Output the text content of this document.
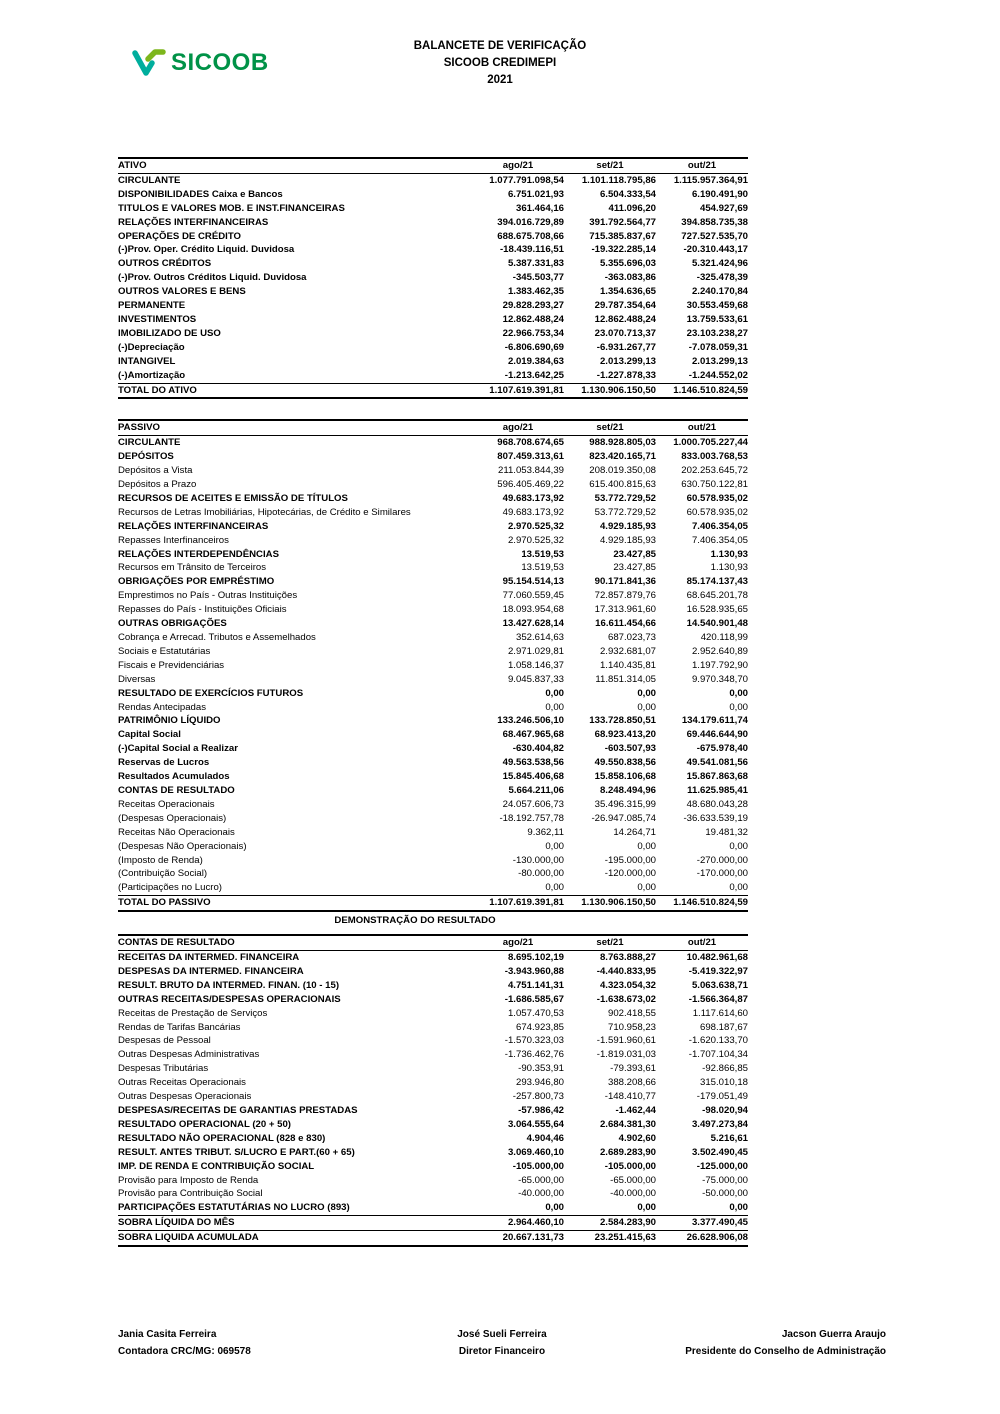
SICOOB
BALANCETE DE VERIFICAÇÃO
SICOOB CREDIMEPI
2021
ATIVO	ago/21	set/21	out/21
CIRCULANTE	1.077.791.098,54	1.101.118.795,86	1.115.957.364,91
DISPONIBILIDADES Caixa e Bancos	6.751.021,93	6.504.333,54	6.190.491,90
TITULOS E VALORES MOB. E INST.FINANCEIRAS	361.464,16	411.096,20	454.927,69
RELAÇÕES INTERFINANCEIRAS	394.016.729,89	391.792.564,77	394.858.735,38
OPERAÇÕES DE CRÉDITO	688.675.708,66	715.385.837,67	727.527.535,70
(-)Prov. Oper. Crédito Liquid. Duvidosa	-18.439.116,51	-19.322.285,14	-20.310.443,17
OUTROS CRÉDITOS	5.387.331,83	5.355.696,03	5.321.424,96
(-)Prov. Outros Créditos Liquid. Duvidosa	-345.503,77	-363.083,86	-325.478,39
OUTROS VALORES E BENS	1.383.462,35	1.354.636,65	2.240.170,84
PERMANENTE	29.828.293,27	29.787.354,64	30.553.459,68
INVESTIMENTOS	12.862.488,24	12.862.488,24	13.759.533,61
IMOBILIZADO DE USO	22.966.753,34	23.070.713,37	23.103.238,27
(-)Depreciação	-6.806.690,69	-6.931.267,77	-7.078.059,31
INTANGIVEL	2.019.384,63	2.013.299,13	2.013.299,13
(-)Amortização	-1.213.642,25	-1.227.878,33	-1.244.552,02
TOTAL DO ATIVO	1.107.619.391,81	1.130.906.150,50	1.146.510.824,59
PASSIVO	ago/21	set/21	out/21
CIRCULANTE	968.708.674,65	988.928.805,03	1.000.705.227,44
DEPÓSITOS	807.459.313,61	823.420.165,71	833.003.768,53
Depósitos a Vista	211.053.844,39	208.019.350,08	202.253.645,72
Depósitos a Prazo	596.405.469,22	615.400.815,63	630.750.122,81
RECURSOS DE ACEITES E EMISSÃO DE TÍTULOS	49.683.173,92	53.772.729,52	60.578.935,02
Recursos de Letras Imobiliárias, Hipotecárias, de Crédito e Similares	49.683.173,92	53.772.729,52	60.578.935,02
RELAÇÕES INTERFINANCEIRAS	2.970.525,32	4.929.185,93	7.406.354,05
Repasses Interfinanceiros	2.970.525,32	4.929.185,93	7.406.354,05
RELAÇÕES INTERDEPENDÊNCIAS	13.519,53	23.427,85	1.130,93
Recursos em Trânsito de Terceiros	13.519,53	23.427,85	1.130,93
OBRIGAÇÕES POR EMPRÉSTIMO	95.154.514,13	90.171.841,36	85.174.137,43
Emprestimos no País - Outras Instituições	77.060.559,45	72.857.879,76	68.645.201,78
Repasses do País - Instituições Oficiais	18.093.954,68	17.313.961,60	16.528.935,65
OUTRAS OBRIGAÇÕES	13.427.628,14	16.611.454,66	14.540.901,48
Cobrança e Arrecad. Tributos e Assemelhados	352.614,63	687.023,73	420.118,99
Sociais e Estatutárias	2.971.029,81	2.932.681,07	2.952.640,89
Fiscais e Previdenciárias	1.058.146,37	1.140.435,81	1.197.792,90
Diversas	9.045.837,33	11.851.314,05	9.970.348,70
RESULTADO DE EXERCÍCIOS FUTUROS	0,00	0,00	0,00
Rendas Antecipadas	0,00	0,00	0,00
PATRIMÔNIO LÍQUIDO	133.246.506,10	133.728.850,51	134.179.611,74
Capital Social	68.467.965,68	68.923.413,20	69.446.644,90
(-)Capital Social a Realizar	-630.404,82	-603.507,93	-675.978,40
Reservas de Lucros	49.563.538,56	49.550.838,56	49.541.081,56
Resultados Acumulados	15.845.406,68	15.858.106,68	15.867.863,68
CONTAS DE RESULTADO	5.664.211,06	8.248.494,96	11.625.985,41
Receitas Operacionais	24.057.606,73	35.496.315,99	48.680.043,28
(Despesas Operacionais)	-18.192.757,78	-26.947.085,74	-36.633.539,19
Receitas Não Operacionais	9.362,11	14.264,71	19.481,32
(Despesas Não Operacionais)	0,00	0,00	0,00
(Imposto de Renda)	-130.000,00	-195.000,00	-270.000,00
(Contribuição Social)	-80.000,00	-120.000,00	-170.000,00
(Participações no Lucro)	0,00	0,00	0,00
TOTAL DO PASSIVO	1.107.619.391,81	1.130.906.150,50	1.146.510.824,59
DEMONSTRAÇÃO DO RESULTADO
CONTAS DE RESULTADO	ago/21	set/21	out/21
RECEITAS DA INTERMED. FINANCEIRA	8.695.102,19	8.763.888,27	10.482.961,68
DESPESAS DA INTERMED. FINANCEIRA	-3.943.960,88	-4.440.833,95	-5.419.322,97
RESULT. BRUTO DA INTERMED. FINAN. (10 - 15)	4.751.141,31	4.323.054,32	5.063.638,71
OUTRAS RECEITAS/DESPESAS OPERACIONAIS	-1.686.585,67	-1.638.673,02	-1.566.364,87
Receitas de Prestação de Serviços	1.057.470,53	902.418,55	1.117.614,60
Rendas de Tarifas Bancárias	674.923,85	710.958,23	698.187,67
Despesas de Pessoal	-1.570.323,03	-1.591.960,61	-1.620.133,70
Outras Despesas Administrativas	-1.736.462,76	-1.819.031,03	-1.707.104,34
Despesas Tributárias	-90.353,91	-79.393,61	-92.866,85
Outras Receitas Operacionais	293.946,80	388.208,66	315.010,18
Outras Despesas Operacionais	-257.800,73	-148.410,77	-179.051,49
DESPESAS/RECEITAS DE GARANTIAS PRESTADAS	-57.986,42	-1.462,44	-98.020,94
RESULTADO OPERACIONAL (20 + 50)	3.064.555,64	2.684.381,30	3.497.273,84
RESULTADO NÃO OPERACIONAL (828 e 830)	4.904,46	4.902,60	5.216,61
RESULT. ANTES TRIBUT. S/LUCRO E PART.(60 + 65)	3.069.460,10	2.689.283,90	3.502.490,45
IMP. DE RENDA E CONTRIBUIÇÃO SOCIAL	-105.000,00	-105.000,00	-125.000,00
Provisão para Imposto de Renda	-65.000,00	-65.000,00	-75.000,00
Provisão para Contribuição Social	-40.000,00	-40.000,00	-50.000,00
PARTICIPAÇÕES ESTATUTÁRIAS NO LUCRO (893)	0,00	0,00	0,00
SOBRA LÍQUIDA DO MÊS	2.964.460,10	2.584.283,90	3.377.490,45
SOBRA LIQUIDA ACUMULADA	20.667.131,73	23.251.415,63	26.628.906,08
Jania Casita Ferreira
Contadora CRC/MG: 069578
José Sueli Ferreira
Diretor Financeiro
Jacson Guerra Araujo
Presidente do Conselho de Administração
